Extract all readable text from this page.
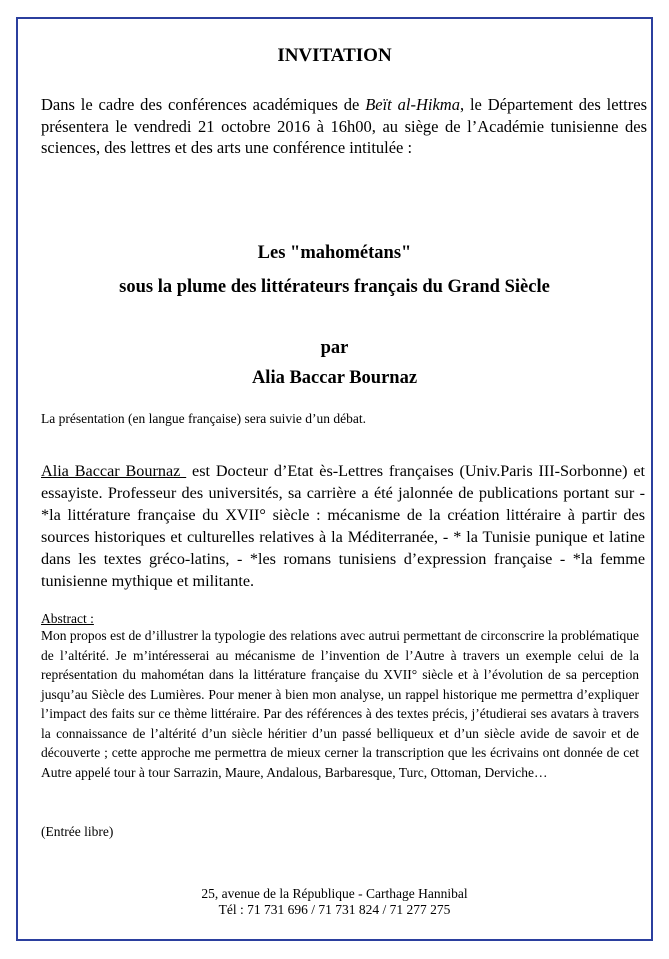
INVITATION
Dans le cadre des conférences académiques de Beït al-Hikma, le Département des lettres présentera le vendredi 21 octobre 2016 à 16h00, au siège de l’Académie tunisienne des sciences, des lettres et des arts une conférence intitulée :
Les "mahométans"
sous la plume des littérateurs français du Grand Siècle
par
Alia Baccar Bournaz
La présentation (en langue française) sera suivie d’un débat.
Alia Baccar Bournaz  est Docteur d’Etat ès-Lettres françaises (Univ.Paris III-Sorbonne) et essayiste. Professeur des universités, sa carrière a été jalonnée de publications portant sur - *la littérature française du XVII° siècle : mécanisme de la création littéraire à partir des sources historiques et culturelles relatives à la Méditerranée, - * la Tunisie punique et latine dans les textes gréco-latins, - *les romans tunisiens d’expression française - *la femme tunisienne mythique et militante.
Abstract :
Mon propos est de d’illustrer la typologie des relations avec autrui permettant de circonscrire la problématique de l’altérité. Je m’intéresserai au mécanisme de l’invention de l’Autre à travers un exemple celui de la représentation du mahométan dans la littérature française du XVII° siècle et à l’évolution de sa perception jusqu’au Siècle des Lumières. Pour mener à bien mon analyse, un rappel historique me permettra d’expliquer l’impact des faits sur ce thème littéraire. Par des références à des textes précis, j’étudierai ses avatars à travers la connaissance de l’altérité d’un siècle héritier d’un passé belliqueux et d’un siècle avide de savoir et de découverte ; cette approche me permettra de mieux cerner la transcription que les écrivains ont donnée de cet Autre appelé tour à tour Sarrazin, Maure, Andalous, Barbaresque, Turc, Ottoman, Derviche…
(Entrée libre)
25, avenue de la République - Carthage Hannibal
Tél : 71 731 696 / 71 731 824 / 71 277 275
